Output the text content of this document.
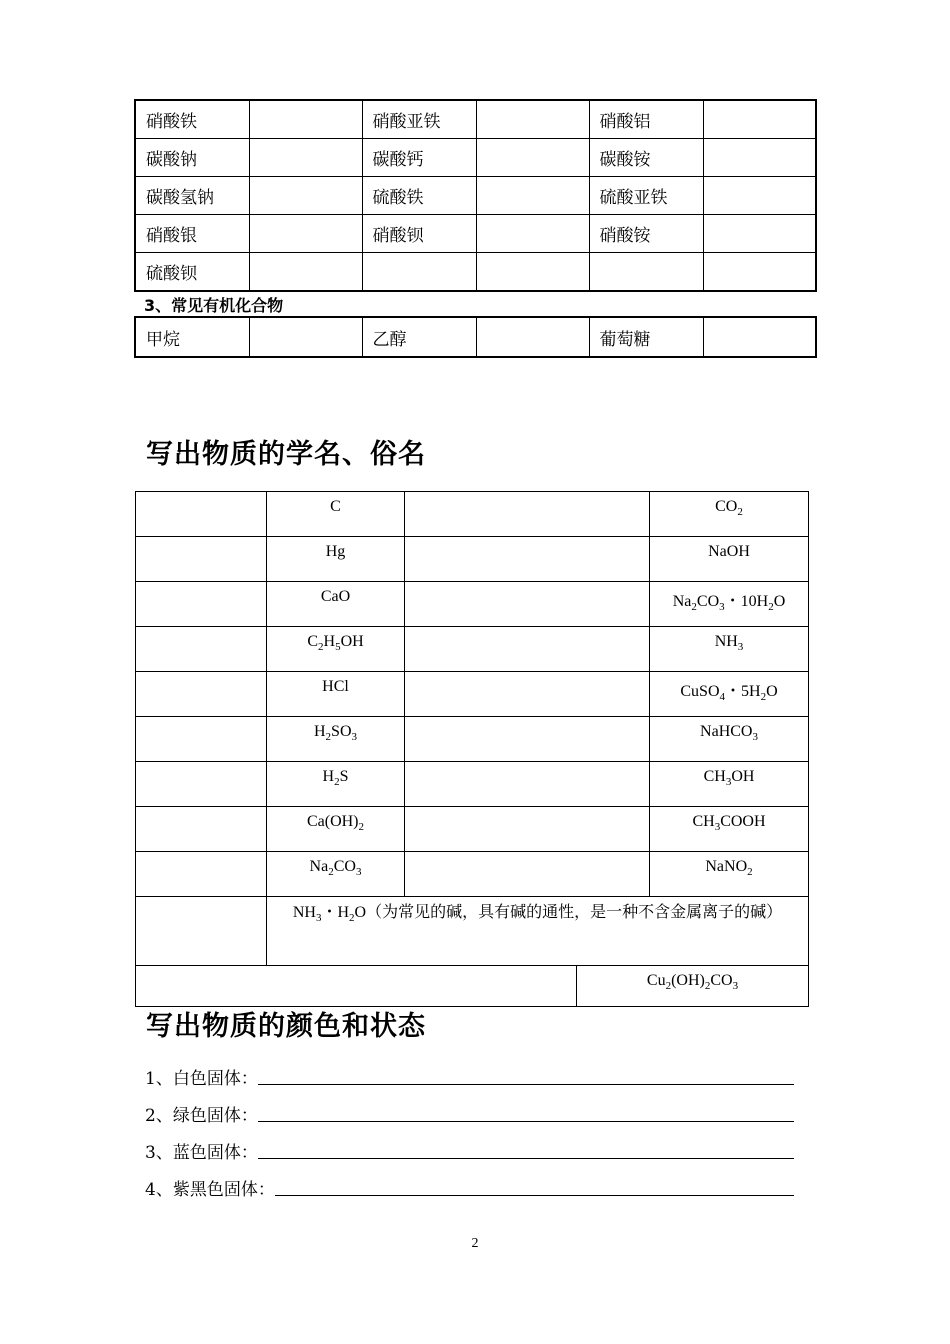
硝酸铁		硝酸亚铁		硝酸铝	
碳酸钠		碳酸钙		碳酸铵	
碳酸氢钠		硫酸铁		硫酸亚铁	
硝酸银		硝酸钡		硝酸铵	
硫酸钡					
3、常见有机化合物
甲烷		乙醇		葡萄糖	
写出物质的学名、俗名
	C			$CO_2$
	Hg			NaOH
	CaO			$Na_2CO_3$・$10H_2O$
	$C_2H_5OH$			$NH_3$
	HCl			CuSO$_4$・$5H_2O$
	$H_2SO_3$			NaHCO$_3$
	$H_2S$			$CH_3OH$
	$Ca(OH)_2$			$CH_3COOH$
	$Na_2CO_3$			NaNO$_2$
	$NH_3$・$H_2O$（为常见的碱，具有碱的通性，是一种不含金属离子的碱）			
			$Cu_2(OH)_2CO_3$
写出物质的颜色和状态
1、白色固体：
2、绿色固体：
3、蓝色固体：
4、紫黑色固体：
2
